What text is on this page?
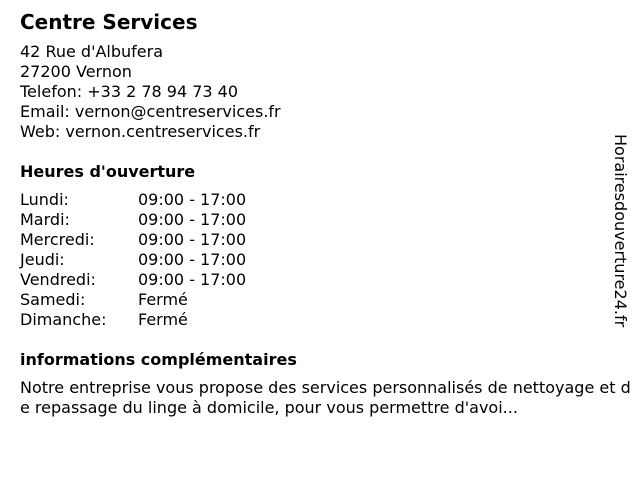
Centre Services
42 Rue d'Albufera
27200 Vernon
Telefon: +33 2 78 94 73 40
Email: vernon@centreservices.fr
Web: vernon.centreservices.fr
Heures d'ouverture
Lundi:	09:00 - 17:00
Mardi:	09:00 - 17:00
Mercredi:	09:00 - 17:00
Jeudi:	09:00 - 17:00
Vendredi:	09:00 - 17:00
Samedi:	Fermé
Dimanche:	Fermé
informations complémentaires
Notre entreprise vous propose des services personnalisés de nettoyage et de repassage du linge à domicile, pour vous permettre d'avoi...
Horairesdouverture24.fr
